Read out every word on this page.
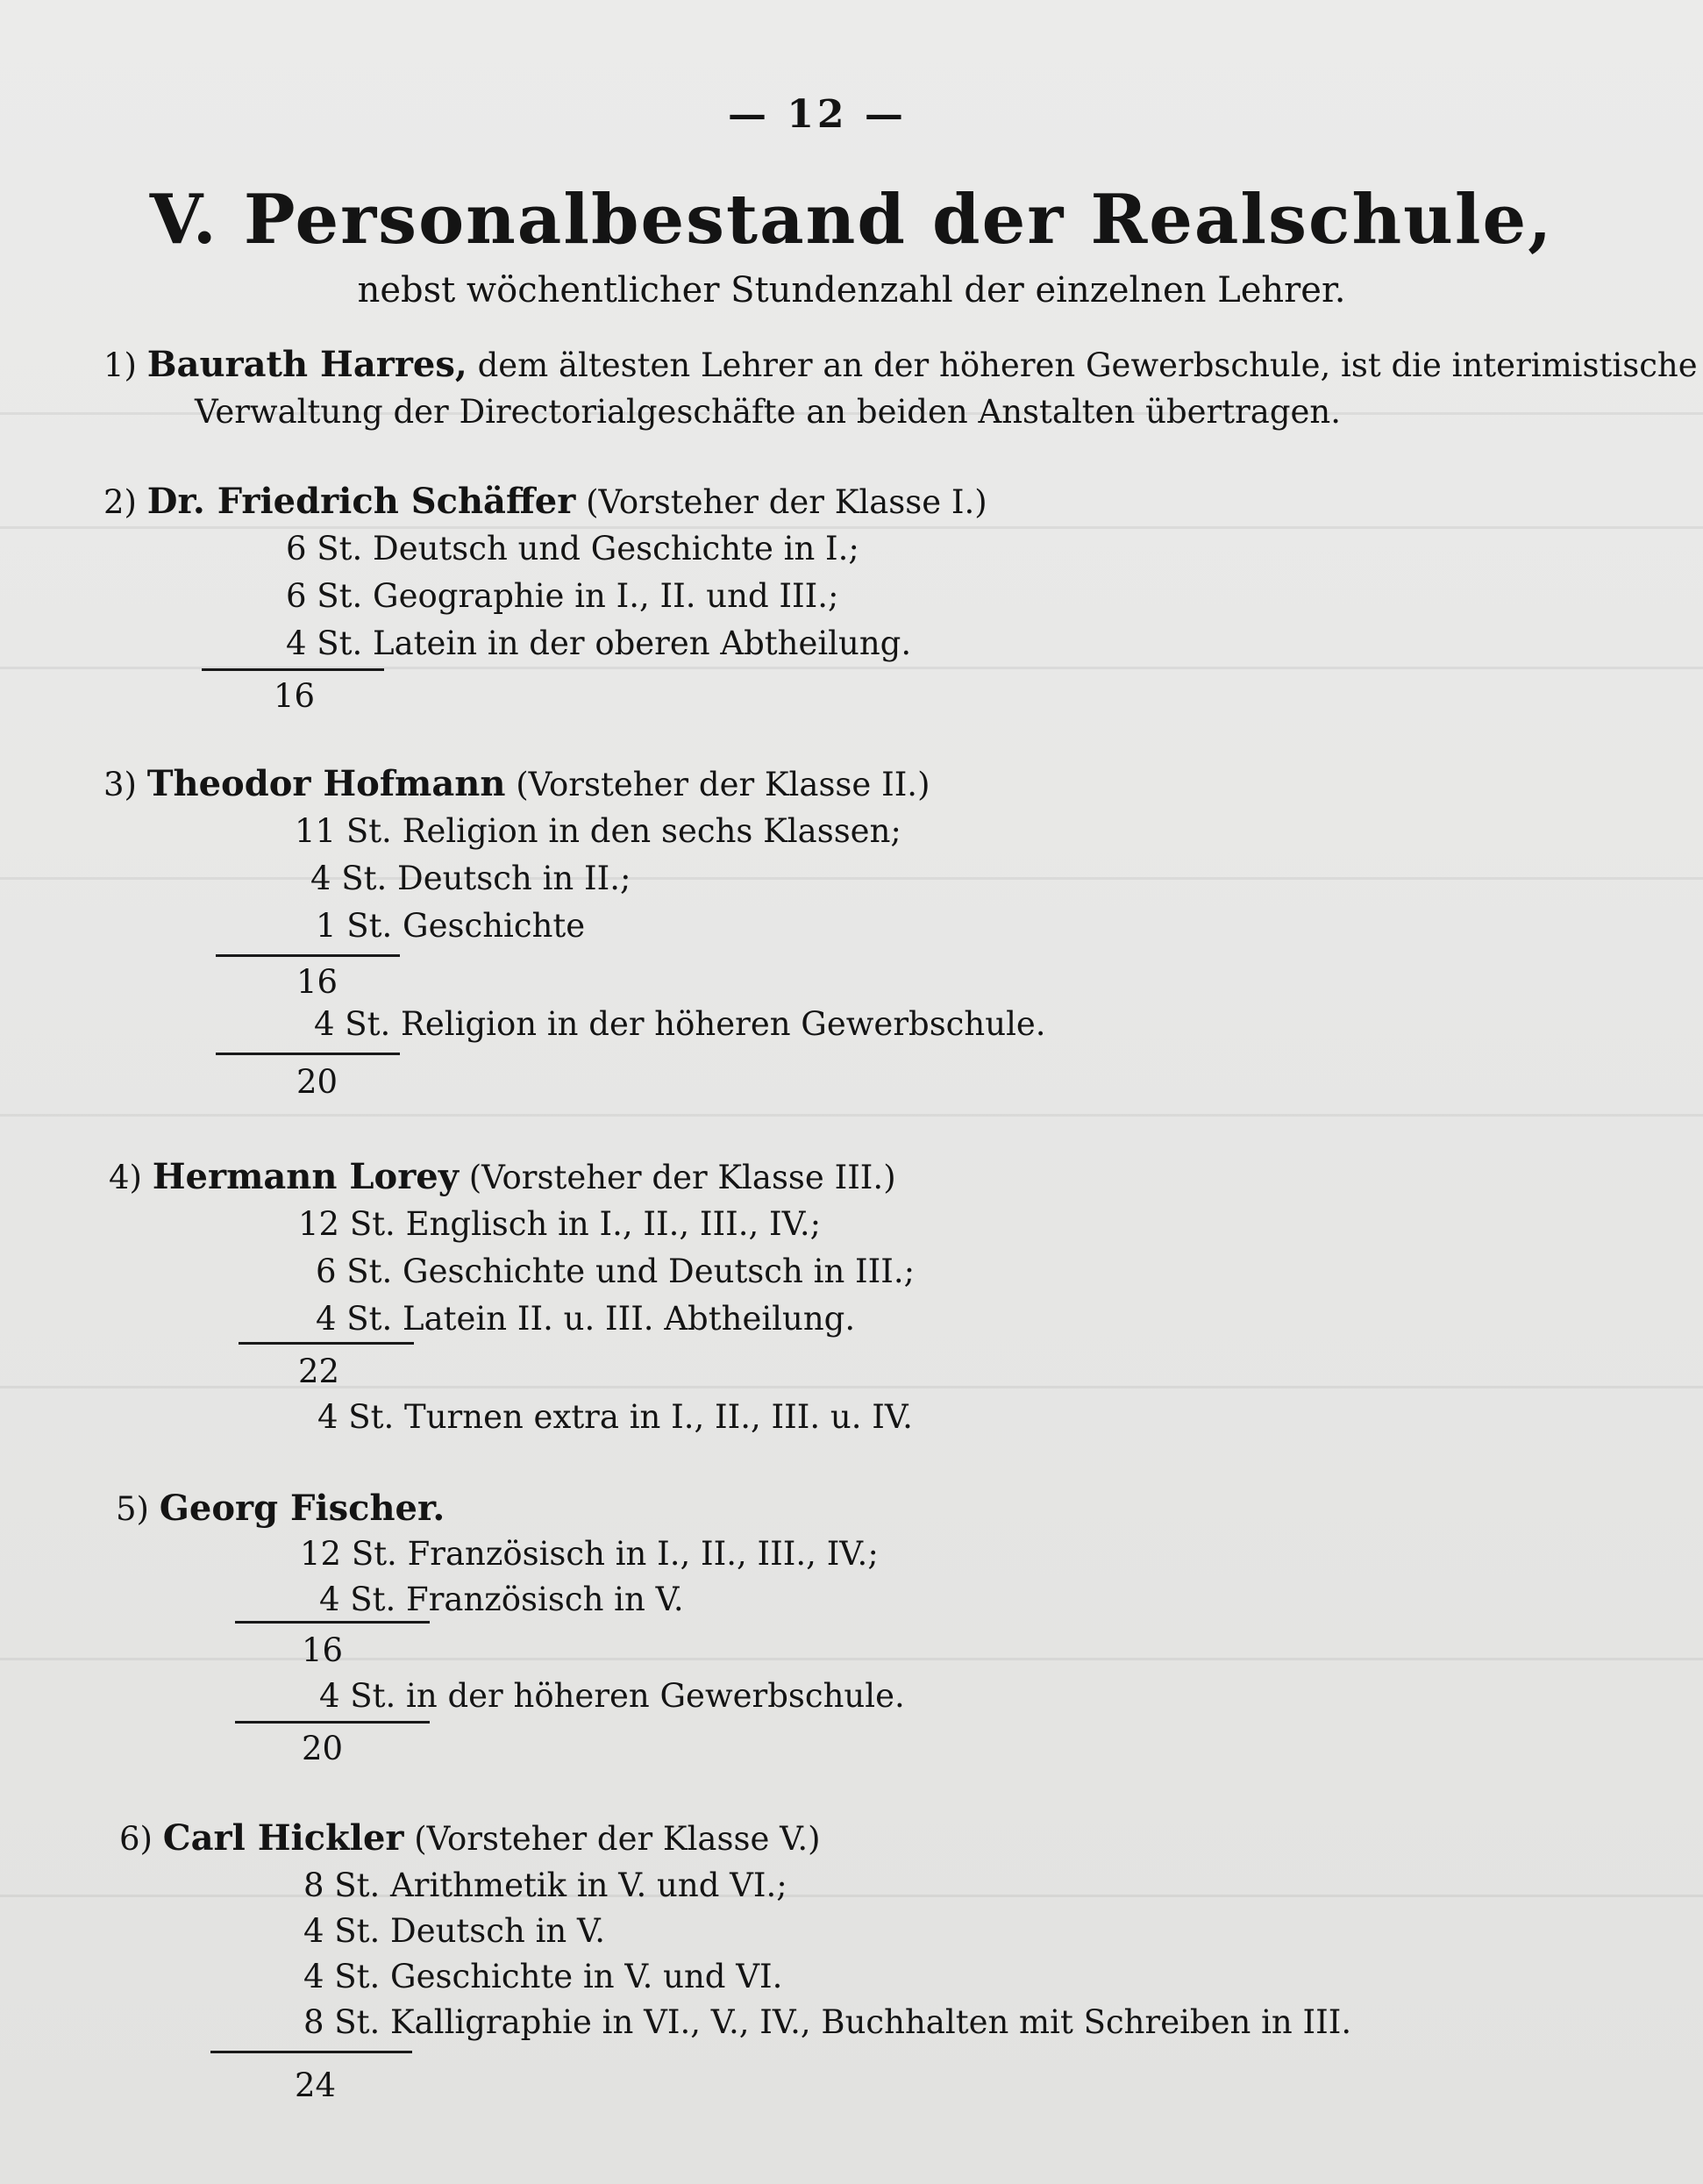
— 12 —
V. Personalbestand der Realschule,
nebst wöchentlicher Stundenzahl der einzelnen Lehrer.
1) Baurath Harres, dem ältesten Lehrer an der höheren Gewerbschule, ist die interimistische
Verwaltung der Directorialgeschäfte an beiden Anstalten übertragen.
2) Dr. Friedrich Schäffer (Vorsteher der Klasse I.)
6 St. Deutsch und Geschichte in I.;
6 St. Geographie in I., II. und III.;
4 St. Latein in der oberen Abtheilung.
16
3) Theodor Hofmann (Vorsteher der Klasse II.)
11 St. Religion in den sechs Klassen;
4 St. Deutsch in II.;
1 St. Geschichte
16
4 St. Religion in der höheren Gewerbschule.
20
4) Hermann Lorey (Vorsteher der Klasse III.)
12 St. Englisch in I., II., III., IV.;
6 St. Geschichte und Deutsch in III.;
4 St. Latein II. u. III. Abtheilung.
22
4 St. Turnen extra in I., II., III. u. IV.
5) Georg Fischer.
12 St. Französisch in I., II., III., IV.;
4 St. Französisch in V.
16
4 St. in der höheren Gewerbschule.
20
6) Carl Hickler (Vorsteher der Klasse V.)
8 St. Arithmetik in V. und VI.;
4 St. Deutsch in V.
4 St. Geschichte in V. und VI.
8 St. Kalligraphie in VI., V., IV., Buchhalten mit Schreiben in III.
24
